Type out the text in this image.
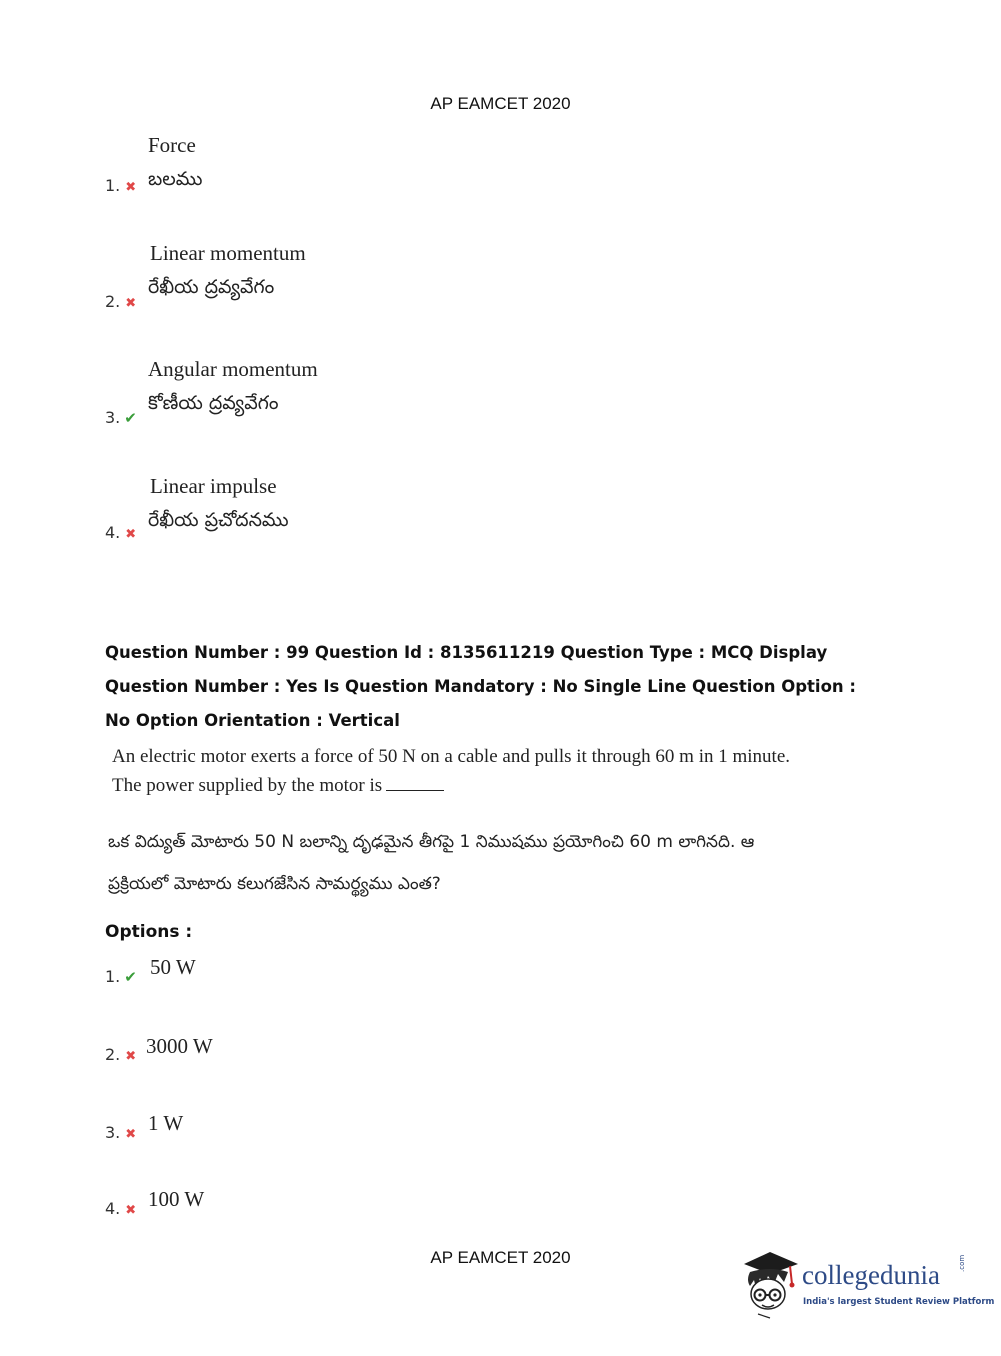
AP EAMCET 2020
Force
బలము
1. ✖
Linear momentum
రేఖీయ ద్రవ్యవేగం
2. ✖
Angular momentum
కోణీయ ద్రవ్యవేగం
3. ✔
Linear impulse
రేఖీయ ప్రచోదనము
4. ✖
Question Number : 99 Question Id : 8135611219 Question Type : MCQ Display Question Number : Yes Is Question Mandatory : No Single Line Question Option : No Option Orientation : Vertical
An electric motor exerts a force of 50 N on a cable and pulls it through 60 m in 1 minute.
The power supplied by the motor is
ఒక విద్యుత్ మోటారు 50 N బలాన్ని దృఢమైన తీగపై 1 నిముషము ప్రయోగించి 60 m లాగినది. ఆ
ప్రక్రియలో మోటారు కలుగజేసిన సామర్థ్యము ఎంత?
Options :
50 W
1. ✔
3000 W
2. ✖
1 W
3. ✖
100 W
4. ✖
AP EAMCET 2020
collegedunia	.com
India's largest Student Review Platform
